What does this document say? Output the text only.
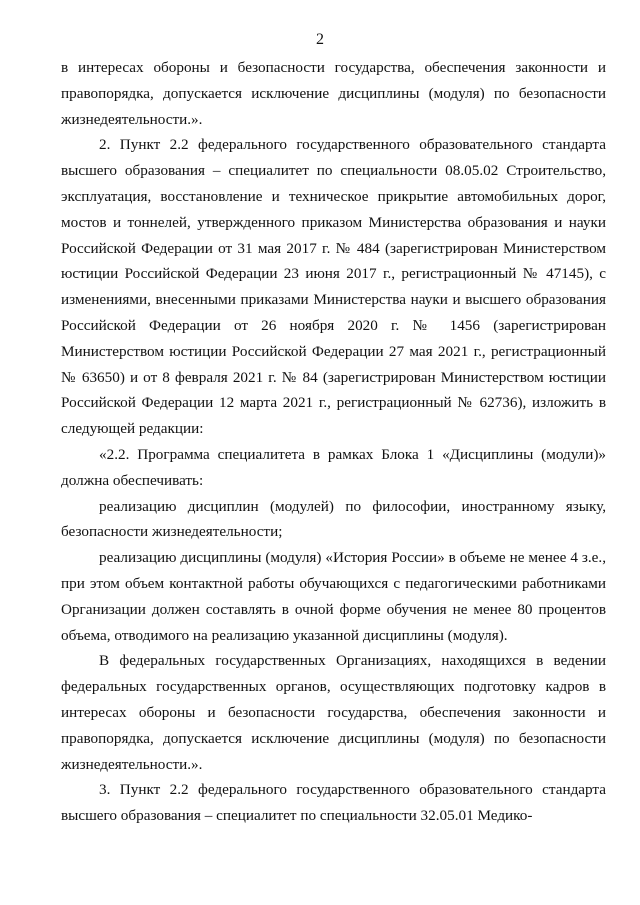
2

в интересах обороны и безопасности государства, обеспечения законности и правопорядка, допускается исключение дисциплины (модуля) по безопасности жизнедеятельности.».

2. Пункт 2.2 федерального государственного образовательного стандарта высшего образования – специалитет по специальности 08.05.02 Строительство, эксплуатация, восстановление и техническое прикрытие автомобильных дорог, мостов и тоннелей, утвержденного приказом Министерства образования и науки Российской Федерации от 31 мая 2017 г. № 484 (зарегистрирован Министерством юстиции Российской Федерации 23 июня 2017 г., регистрационный № 47145), с изменениями, внесенными приказами Министерства науки и высшего образования Российской Федерации от 26 ноября 2020 г. № 1456 (зарегистрирован Министерством юстиции Российской Федерации 27 мая 2021 г., регистрационный № 63650) и от 8 февраля 2021 г. № 84 (зарегистрирован Министерством юстиции Российской Федерации 12 марта 2021 г., регистрационный № 62736), изложить в следующей редакции:

«2.2. Программа специалитета в рамках Блока 1 «Дисциплины (модули)» должна обеспечивать:

реализацию дисциплин (модулей) по философии, иностранному языку, безопасности жизнедеятельности;

реализацию дисциплины (модуля) «История России» в объеме не менее 4 з.е., при этом объем контактной работы обучающихся с педагогическими работниками Организации должен составлять в очной форме обучения не менее 80 процентов объема, отводимого на реализацию указанной дисциплины (модуля).

В федеральных государственных Организациях, находящихся в ведении федеральных государственных органов, осуществляющих подготовку кадров в интересах обороны и безопасности государства, обеспечения законности и правопорядка, допускается исключение дисциплины (модуля) по безопасности жизнедеятельности.».

3. Пункт 2.2 федерального государственного образовательного стандарта высшего образования – специалитет по специальности 32.05.01 Медико-
